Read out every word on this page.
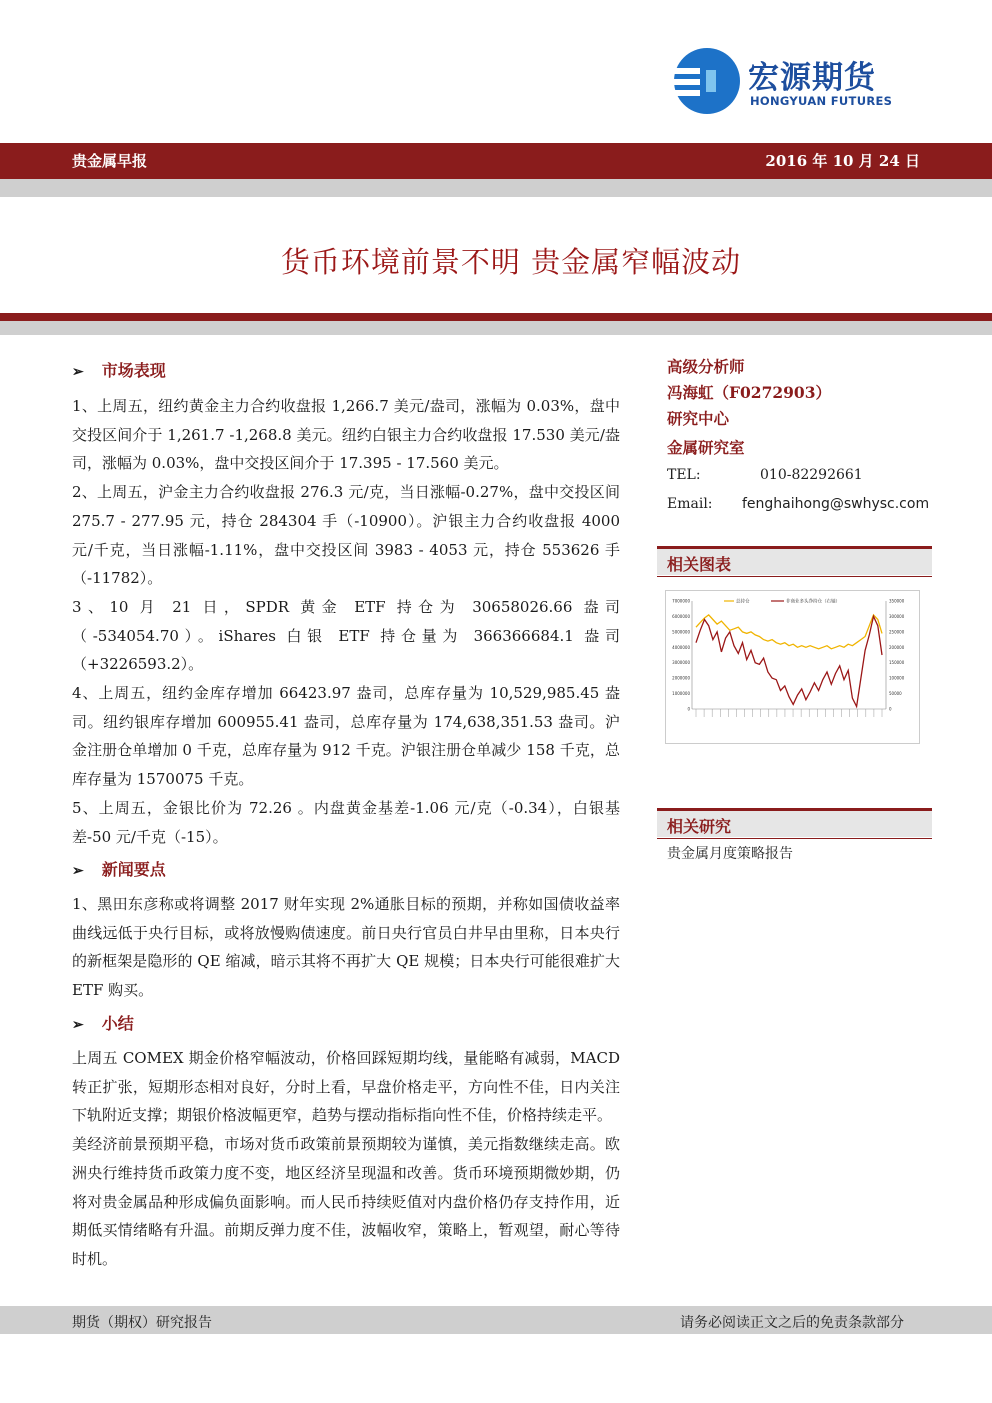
宏源期货
HONGYUAN FUTURES
贵金属早报	2016 年 10 月 24 日
货币环境前景不明 贵金属窄幅波动
➢ 市场表现

1、上周五，纽约黄金主力合约收盘报 1,266.7 美元/盎司，涨幅为 0.03%，盘中交投区间介于 1,261.7 -1,268.8 美元。纽约白银主力合约收盘报 17.530 美元/盎司，涨幅为 0.03%，盘中交投区间介于 17.395 - 17.560 美元。

2、上周五，沪金主力合约收盘报 276.3 元/克，当日涨幅-0.27%，盘中交投区间 275.7 - 277.95 元，持仓 284304 手（-10900）。沪银主力合约收盘报 4000 元/千克，当日涨幅-1.11%，盘中交投区间 3983 - 4053 元，持仓 553626 手（-11782）。

3、10 月 21 日，SPDR 黄金 ETF 持仓为 30658026.66 盎司（-534054.70）。iShares 白银 ETF 持仓量为 366366684.1 盎司（+3226593.2）。

4、上周五，纽约金库存增加 66423.97 盎司，总库存量为 10,529,985.45 盎司。纽约银库存增加 600955.41 盎司，总库存量为 174,638,351.53 盎司。沪金注册仓单增加 0 千克，总库存量为 912 千克。沪银注册仓单减少 158 千克，总库存量为 1570075 千克。

5、上周五，金银比价为 72.26 。内盘黄金基差-1.06 元/克（-0.34），白银基差-50 元/千克（-15）。

➢ 新闻要点

1、黑田东彦称或将调整 2017 财年实现 2%通胀目标的预期，并称如国债收益率曲线远低于央行目标，或将放慢购债速度。前日央行官员白井早由里称，日本央行的新框架是隐形的 QE 缩减，暗示其将不再扩大 QE 规模；日本央行可能很难扩大 ETF 购买。

➢ 小结

上周五 COMEX 期金价格窄幅波动，价格回踩短期均线，量能略有减弱，MACD 转正扩张，短期形态相对良好，分时上看，早盘价格走平，方向性不佳，日内关注下轨附近支撑；期银价格波幅更窄，趋势与摆动指标指向性不佳，价格持续走平。

美经济前景预期平稳，市场对货币政策前景预期较为谨慎，美元指数继续走高。欧洲央行维持货币政策力度不变，地区经济呈现温和改善。货币环境预期微妙期，仍将对贵金属品种形成偏负面影响。而人民币持续贬值对内盘价格仍存支持作用，近期低买情绪略有升温。前期反弹力度不佳，波幅收窄，策略上，暂观望，耐心等待时机。

高级分析师
冯海虹（F0272903）
研究中心
金属研究室
TEL:	010-82292661
Email: fenghaihong@swhysc.com
相关图表
7000000
6000000
5000000
4000000
3000000
2000000
1000000
0
350000
300000
250000
200000
150000
100000
50000
0
总持仓	非商业多头净持仓（右轴）
相关研究
贵金属月度策略报告
期货（期权）研究报告	请务必阅读正文之后的免责条款部分
